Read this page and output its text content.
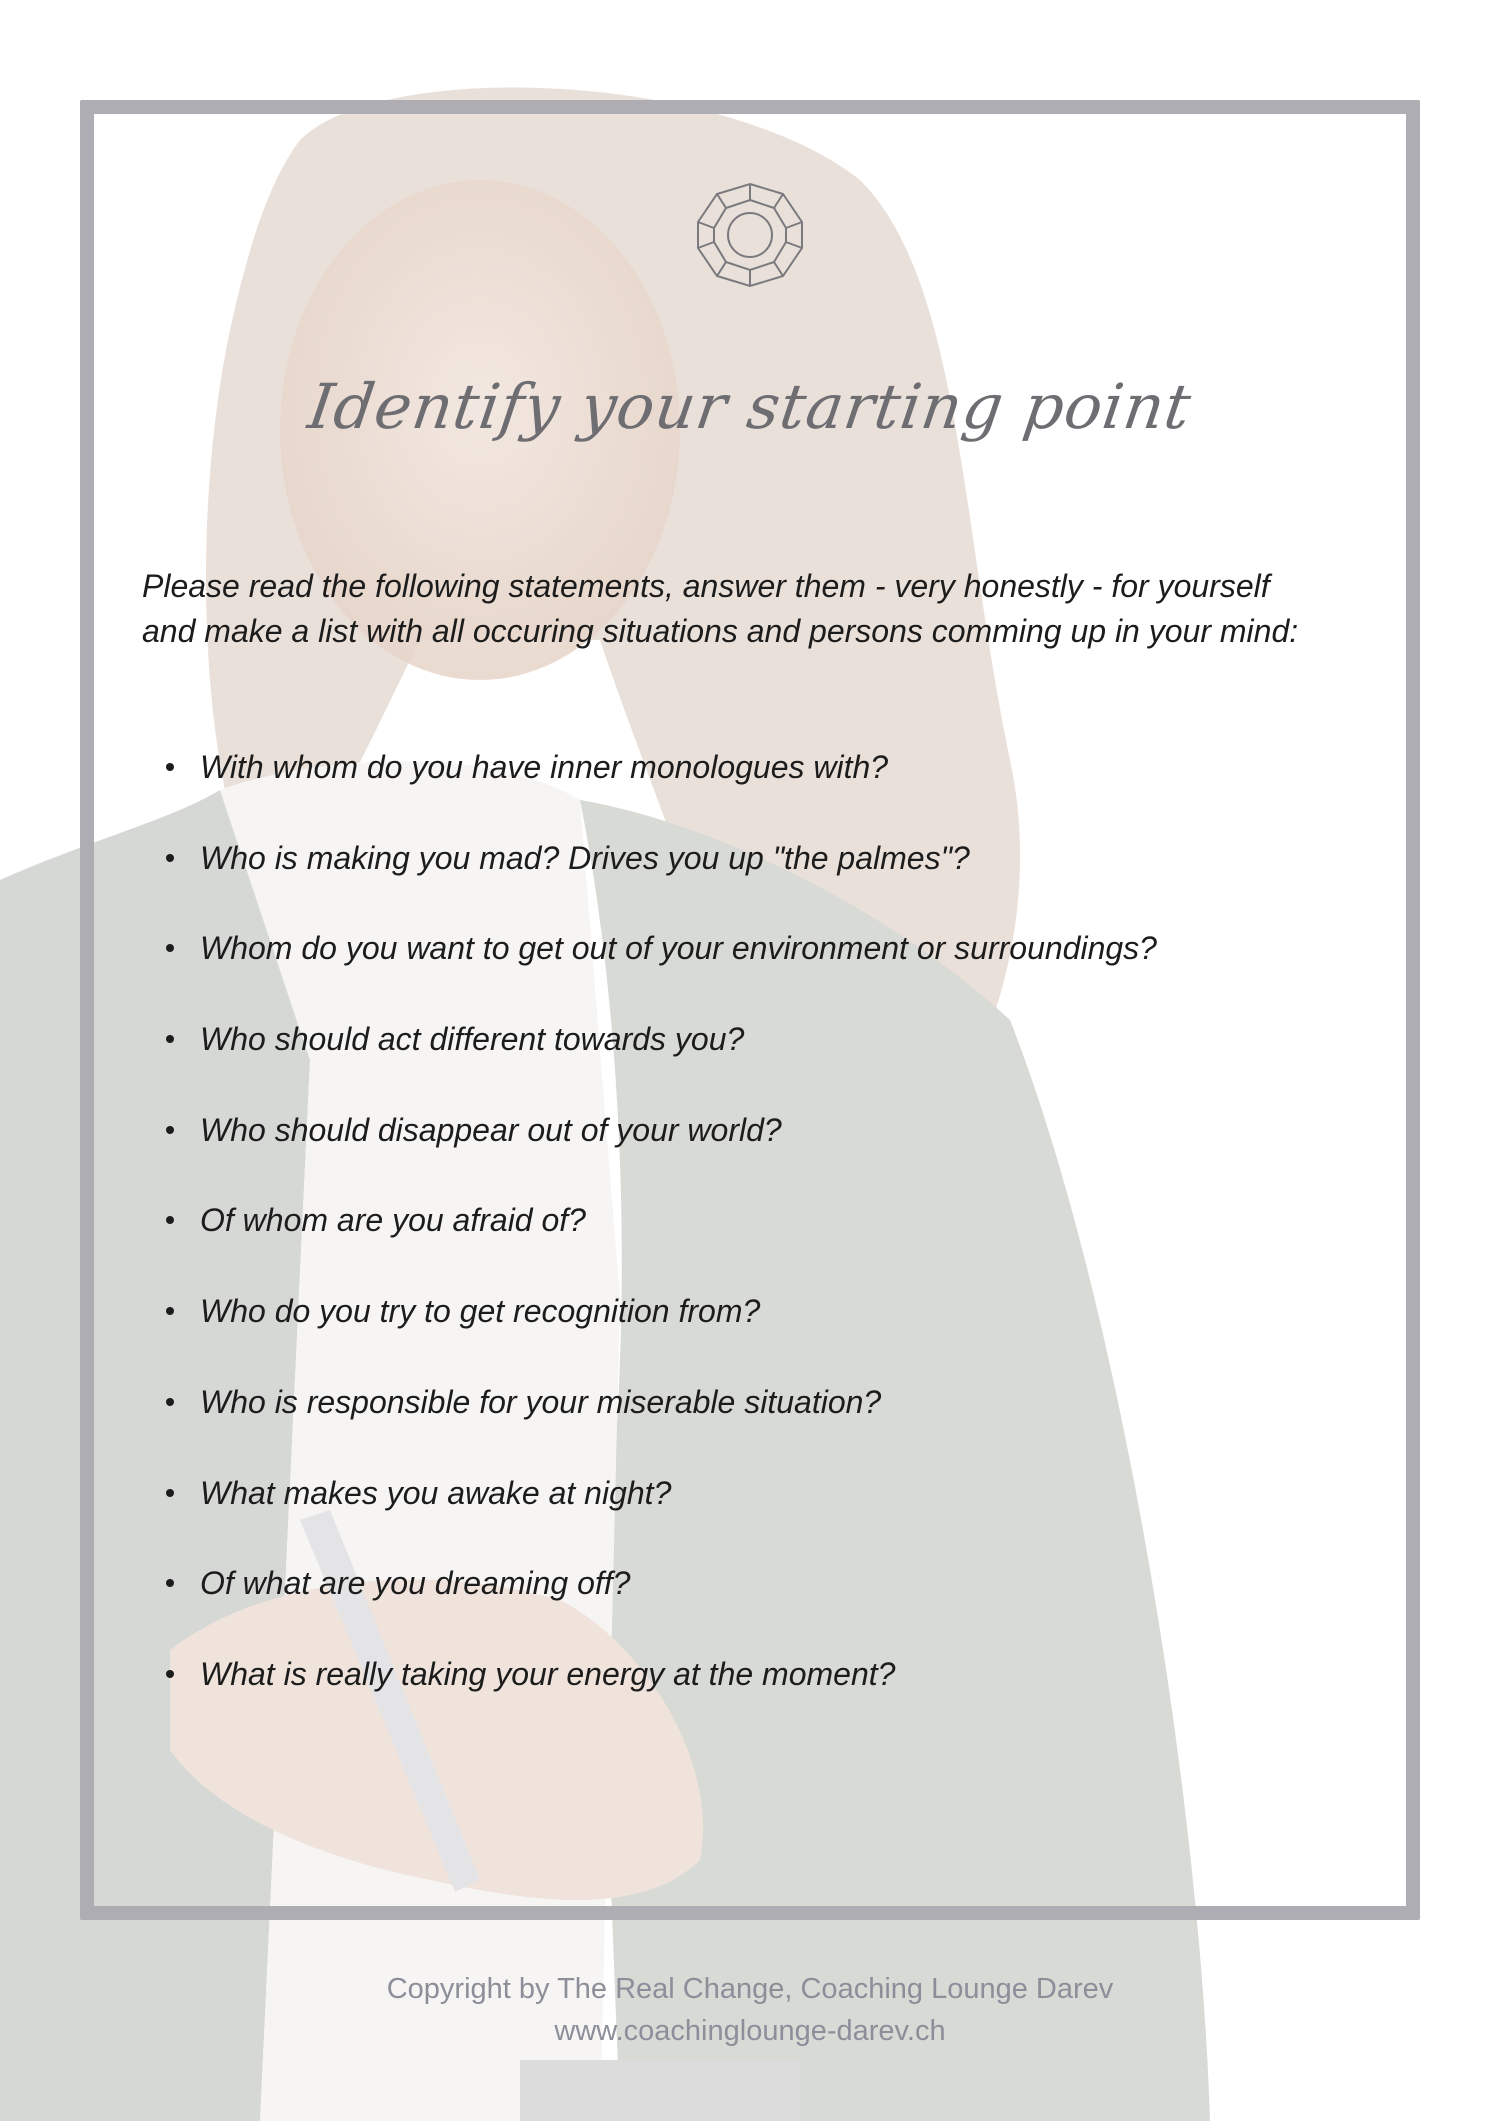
Identify your starting point
Please read the following statements, answer them - very honestly - for yourself
and make a list with all occuring situations and persons comming up in your mind:
With whom do you have inner monologues with?
Who is making you mad? Drives you up "the palmes"?
Whom do you want to get out of your environment or surroundings?
Who should act different towards you?
Who should disappear out of your world?
Of whom are you afraid of?
Who do you try to get recognition from?
Who is responsible for your miserable situation?
What makes you awake at night?
Of what are you dreaming off?
What is really taking your energy at the moment?
Copyright by The Real Change, Coaching Lounge Darev
www.coachinglounge-darev.ch
